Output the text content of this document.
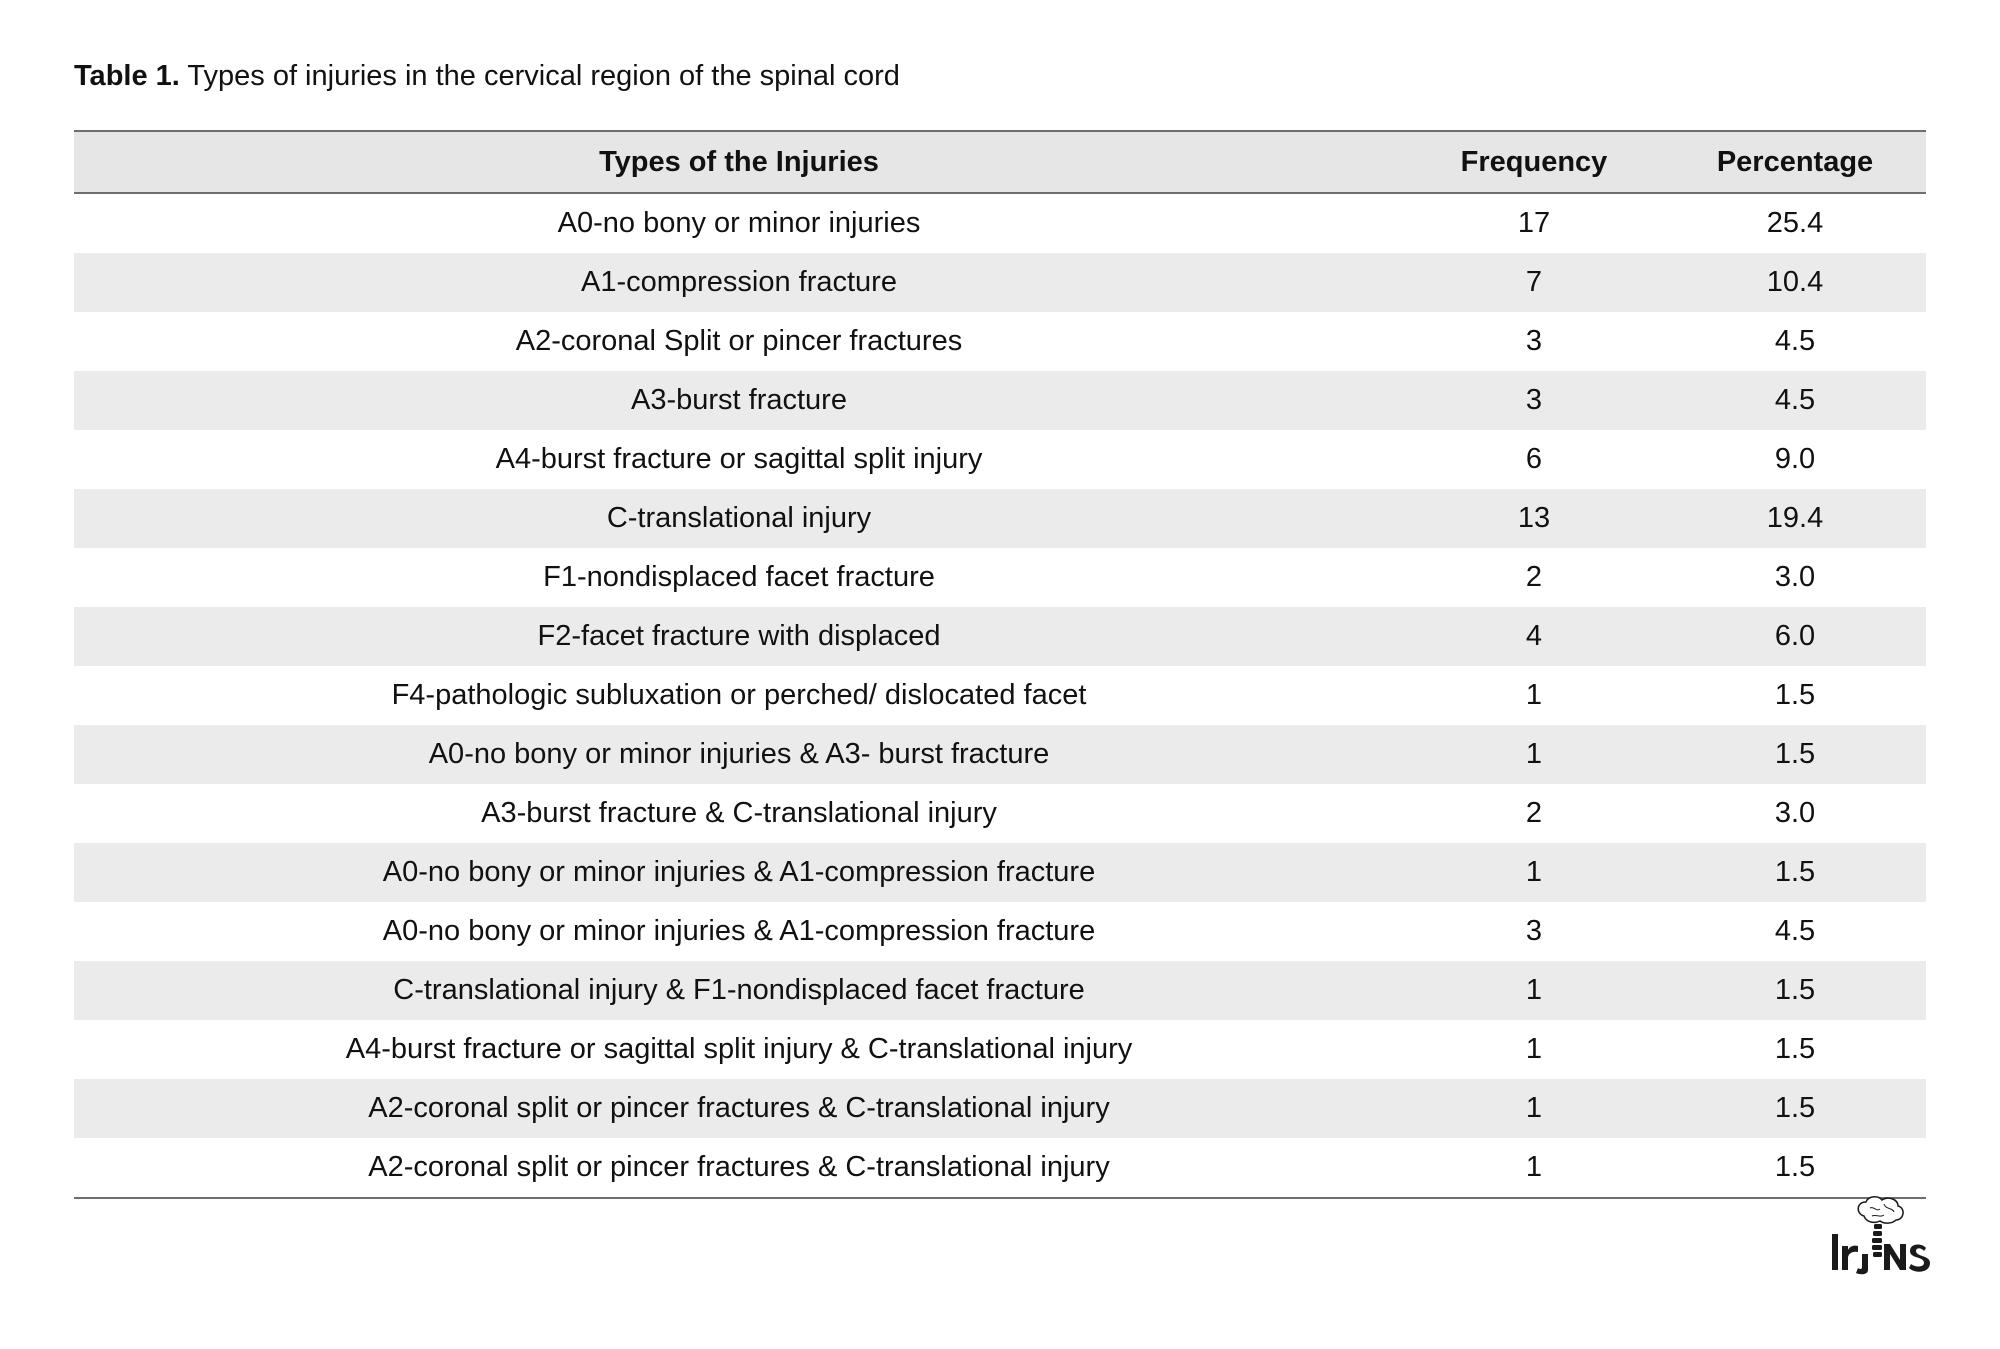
Table 1. Types of injuries in the cervical region of the spinal cord
Types of the Injuries	Frequency	Percentage
A0-no bony or minor injuries	17	25.4
A1-compression fracture	7	10.4
A2-coronal Split or pincer fractures	3	4.5
A3-burst fracture	3	4.5
A4-burst fracture or sagittal split injury	6	9.0
C-translational injury	13	19.4
F1-nondisplaced facet fracture	2	3.0
F2-facet fracture with displaced	4	6.0
F4-pathologic subluxation or perched/ dislocated facet	1	1.5
A0-no bony or minor injuries & A3- burst fracture	1	1.5
A3-burst fracture & C-translational injury	2	3.0
A0-no bony or minor injuries & A1-compression fracture	1	1.5
A0-no bony or minor injuries & A1-compression fracture	3	4.5
C-translational injury & F1-nondisplaced facet fracture	1	1.5
A4-burst fracture or sagittal split injury & C-translational injury	1	1.5
A2-coronal split or pincer fractures & C-translational injury	1	1.5
A2-coronal split or pincer fractures & C-translational injury	1	1.5
